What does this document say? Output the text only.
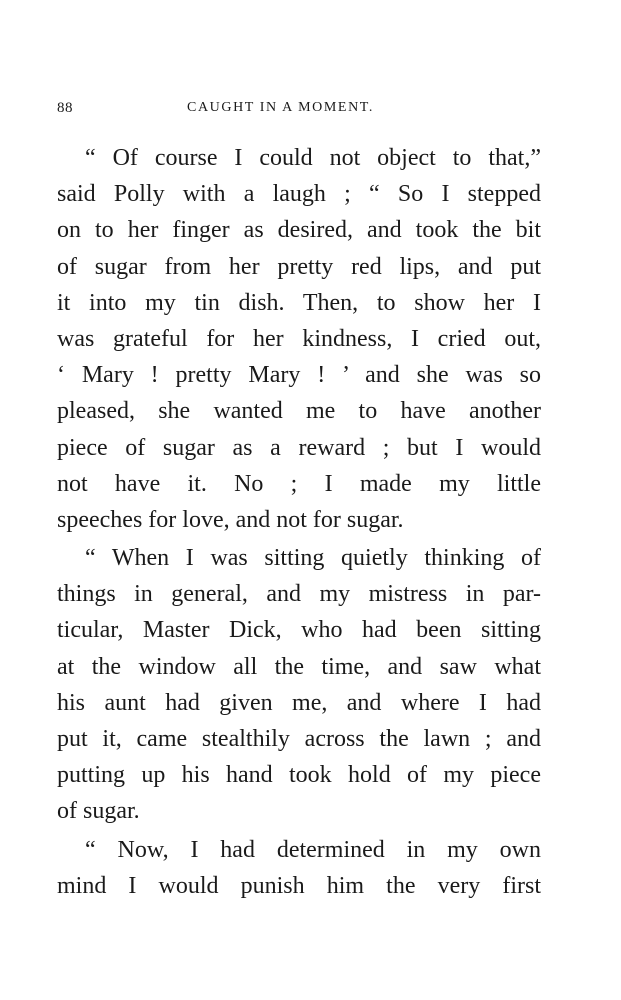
88	CAUGHT IN A MOMENT.
“ Of course I could not object to that,”
said Polly with a laugh ; “ So I stepped
on to her finger as desired, and took the bit
of sugar from her pretty red lips, and put
it into my tin dish. Then, to show her I
was grateful for her kindness, I cried out,
‘ Mary ! pretty Mary ! ’ and she was so
pleased, she wanted me to have another
piece of sugar as a reward ; but I would
not have it. No ; I made my little
speeches for love, and not for sugar.
“ When I was sitting quietly thinking of
things in general, and my mistress in par-
ticular, Master Dick, who had been sitting
at the window all the time, and saw what
his aunt had given me, and where I had
put it, came stealthily across the lawn ; and
putting up his hand took hold of my piece
of sugar.
“ Now, I had determined in my own
mind I would punish him the very first
